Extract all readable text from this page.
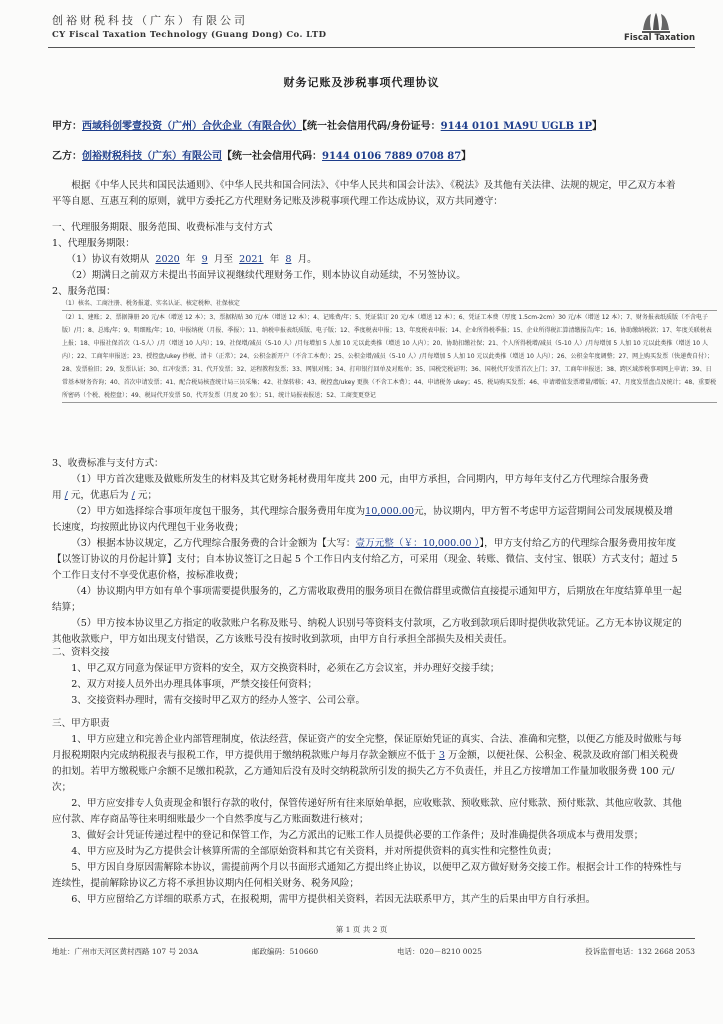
创裕财税科技（广东）有限公司
CY Fiscal Taxation Technology (Guang Dong) Co. LTD	Fiscal Taxation
财务记账及涉税事项代理协议
甲方：西域科创零壹投资（广州）合伙企业（有限合伙）【统一社会信用代码/身份证号：9144 0101 MA9U UGLB 1P】
乙方：创裕财税科技（广东）有限公司【统一社会信用代码：9144 0106 7889 0708 87】

根据《中华人民共和国民法通则》、《中华人民共和国合同法》、《中华人民共和国会计法》、《税法》及其他有关法律、法规的规定，甲乙双方本着平等自愿、互惠互利的原则，就甲方委托乙方代理财务记账及涉税事项代理工作达成协议，双方共同遵守：

一、代理服务期限、服务范围、收费标准与支付方式

1、代理服务期限：

（1）协议有效期从 2020 年 9 月至 2021 年 8 月。

（2）期满日之前双方未提出书面异议视继续代理财务工作，则本协议自动延续，不另签协议。

2、服务范围：

（1）核名、工商注册、税务报道、实名认证、核定税种、社保核定

（2）1、建账；2、票据簿册 20 元/本（增送 12 本）；3、票据粘贴 30 元/本（增送 12 本）；4、记账费/年；5、凭证装订 20 元/本（增送 12 本）；6、凭证工本费（厚度 1.5cm-2cm）30 元/本（增送 12 本）；7、财务报表纸质版（不含电子版）/月；8、总账/年；9、明细账/年；10、申报纳税（月报、季报）；11、纳税申报表纸质版、电子版；12、季度税表申报；13、年度税表申报；14、企业所得税季报；15、企业所得税汇算清缴报告/年；16、协助缴纳税款；17、年度关联税表上报；18、申报社保首次（1-5人）/月（增送 10 人内）；19、社保增/减员（5-10 人）/月每增加 5 人加 10 元以此类推（增送 10 人内）；20、协助扣缴社保；21、个人所得税增/减员（5-10 人）/月每增加 5 人加 10 元以此类推（增送 10 人内）；22、工商年审报送；23、授控盘/ukey 抄税、清卡（正常）；24、公积金新开户（不含工本费）；25、公积金增/减员（5-10 人）/月每增加 5 人加 10 元以此类推（增送 10 人内）；26、公积金年度调整；27、网上购买发票（快递费自付）；28、发票验旧；29、发票认证；30、红冲发票；31、代开发票；32、运程教程发票；33、网银对账；34、打印银行回单及对账单；35、国税完税证明；36、国税代开发票首次上门；37、工商年审报送；38、跨区域涉税事项网上申请；39、日常基本财务咨询；40、首次申请发票；41、配合税局核查统计局三员采集；42、社保转移；43、税控盘/ukey 更换（不含工本费）；44、申请税务 ukey；45、税局购买发票；46、申请增值发票增量/增版；47、月度发票盘点及统计；48、重要税所密码（个税、税控盘）；49、税局代开发票 50、代开发票（月度 20 张）；51、统计局报表报送；52、工商变更登记

3、收费标准与支付方式：

（1）甲方首次建账及做账所发生的材料及其它财务耗材费用年度共 200 元，由甲方承担，合同期内，甲方每年支付乙方代理综合服务费用 / 元，优惠后为 / 元；

（2）甲方如选择综合事项年度包干服务，其代理综合服务费用年度为10,000.00元，协议期内，甲方暂不考虑甲方运营期间公司发展规模及增长速度，均按照此协议内代理包干业务收费；

（3）根据本协议规定，乙方代理综合服务费的合计金额为【大写：壹万元整（￥：10,000.00 ）】，甲方支付给乙方的代理综合服务费用按年度【以签订协议的月份起计算】支付；自本协议签订之日起 5 个工作日内支付给乙方，可采用（现金、转账、微信、支付宝、银联）方式支付；超过 5 个工作日支付不享受优惠价格，按标准收费；

（4）协议期内甲方如有单个事项需要提供服务的，乙方需收取费用的服务项目在微信群里或微信直接提示通知甲方，后期放在年度结算单里一起结算；

（5）甲方按本协议里乙方指定的收款账户名称及账号、纳税人识别号等资料支付款项，乙方收到款项后即时提供收款凭证。乙方无本协议规定的其他收款账户，甲方如出现支付错误，乙方该账号没有按时收到款项，由甲方自行承担全部损失及相关责任。

二、资料交接

1、甲乙双方同意为保证甲方资料的安全，双方交换资料时，必须在乙方会议室，并办理好交接手续；

2、双方对接人员外出办理具体事项，严禁交接任何资料；

3、交接资料办理时，需有交接时甲乙双方的经办人签字、公司公章。

三、甲方职责

1、甲方应建立和完善企业内部管理制度，依法经营，保证资产的安全完整，保证原始凭证的真实、合法、准确和完整，以便乙方能及时做账与每月报税期限内完成纳税报表与报税工作，甲方提供用于缴纳税款账户每月存款金额应不低于 3 万金额，以便社保、公积金、税款及政府部门相关税费的扣划。若甲方缴税账户余额不足缴扣税款，乙方通知后没有及时交纳税款所引发的损失乙方不负责任，并且乙方按增加工作量加收服务费 100 元/次；

2、甲方应安排专人负责现金和银行存款的收付，保管传递好所有往来原始单据，应收账款、预收账款、应付账款、预付账款、其他应收款、其他应付款、库存商品等往来明细账最少一个自然季度与乙方账面数进行核对；

3、做好会计凭证传递过程中的登记和保管工作，为乙方派出的记账工作人员提供必要的工作条件；及时准确提供各项成本与费用发票；

4、甲方应及时为乙方提供会计核算所需的全部原始资料和其它有关资料，并对所提供资料的真实性和完整性负责；

5、甲方因自身原因需解除本协议，需提前两个月以书面形式通知乙方提出终止协议，以便甲乙双方做好财务交接工作。根据会计工作的特殊性与连续性，提前解除协议乙方将不承担协议期内任何相关财务、税务风险；

6、甲方应留给乙方详细的联系方式，在报税期，需甲方提供相关资料，若因无法联系甲方，其产生的后果由甲方自行承担。

第 1 页 共 2 页
地址：广州市天河区黄村西路 107 号 203A	邮政编码：510660	电话：020－8210 0025	投诉监督电话：132 2668 2053
